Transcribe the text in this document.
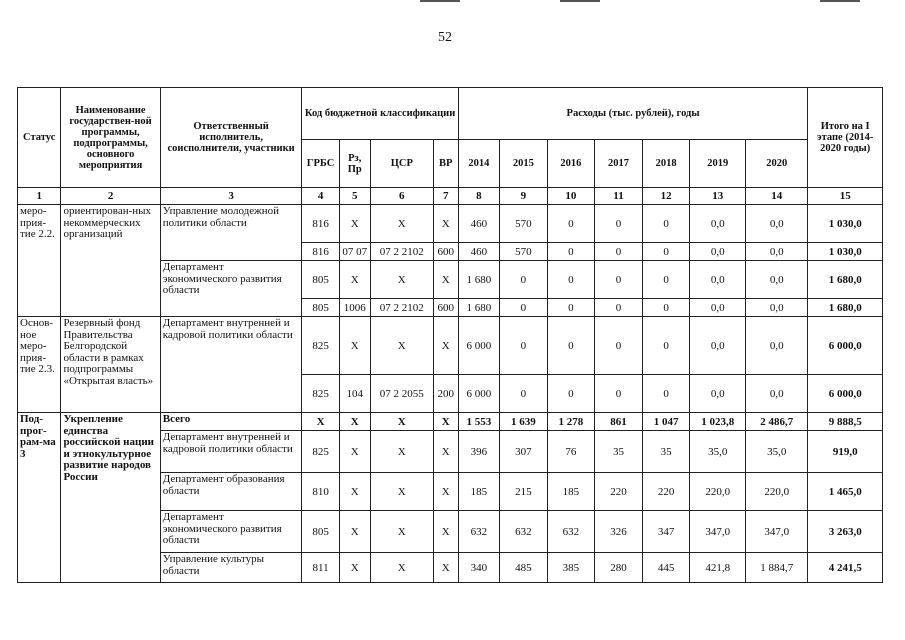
52
Статус	Наименование государствен-ной программы, подпрограммы, основного мероприятия	Ответственный исполнитель, соисполнители, участники	Код бюджетной классификации				Расходы (тыс. рублей), годы							Итого на I этапе (2014-2020 годы)
			ГРБС	Рз, Пр	ЦСР	ВР	2014	2015	2016	2017	2018	2019	2020	
1	2	3	4	5	6	7	8	9	10	11	12	13	14	15
меро-прия-тие 2.2.	ориентирован-ных некоммерческих организаций	Управление молодежной политики области	816	Х	Х	Х	460	570	0	0	0	0,0	0,0	1 030,0
			816	07 07	07 2 2102	600	460	570	0	0	0	0,0	0,0	1 030,0
		Департамент экономического развития области	805	Х	Х	Х	1 680	0	0	0	0	0,0	0,0	1 680,0
			805	1006	07 2 2102	600	1 680	0	0	0	0	0,0	0,0	1 680,0
Основ-ное меро-прия-тие 2.3.	Резервный фонд Правительства Белгородской области в рамках подпрограммы «Открытая власть»	Департамент внутренней и кадровой политики области	825	Х	Х	Х	6 000	0	0	0	0	0,0	0,0	6 000,0
			825	104	07 2 2055	200	6 000	0	0	0	0	0,0	0,0	6 000,0
Под-прог-рам-ма 3	Укрепление единства российской нации и этнокультурное развитие народов России	Всего	Х	Х	Х	Х	1 553	1 639	1 278	861	1 047	1 023,8	2 486,7	9 888,5
		Департамент внутренней и кадровой политики области	825	Х	Х	Х	396	307	76	35	35	35,0	35,0	919,0
		Департамент образования области	810	Х	Х	Х	185	215	185	220	220	220,0	220,0	1 465,0
		Департамент экономического развития области	805	Х	Х	Х	632	632	632	326	347	347,0	347,0	3 263,0
		Управление культуры области	811	Х	Х	Х	340	485	385	280	445	421,8	1 884,7	4 241,5
